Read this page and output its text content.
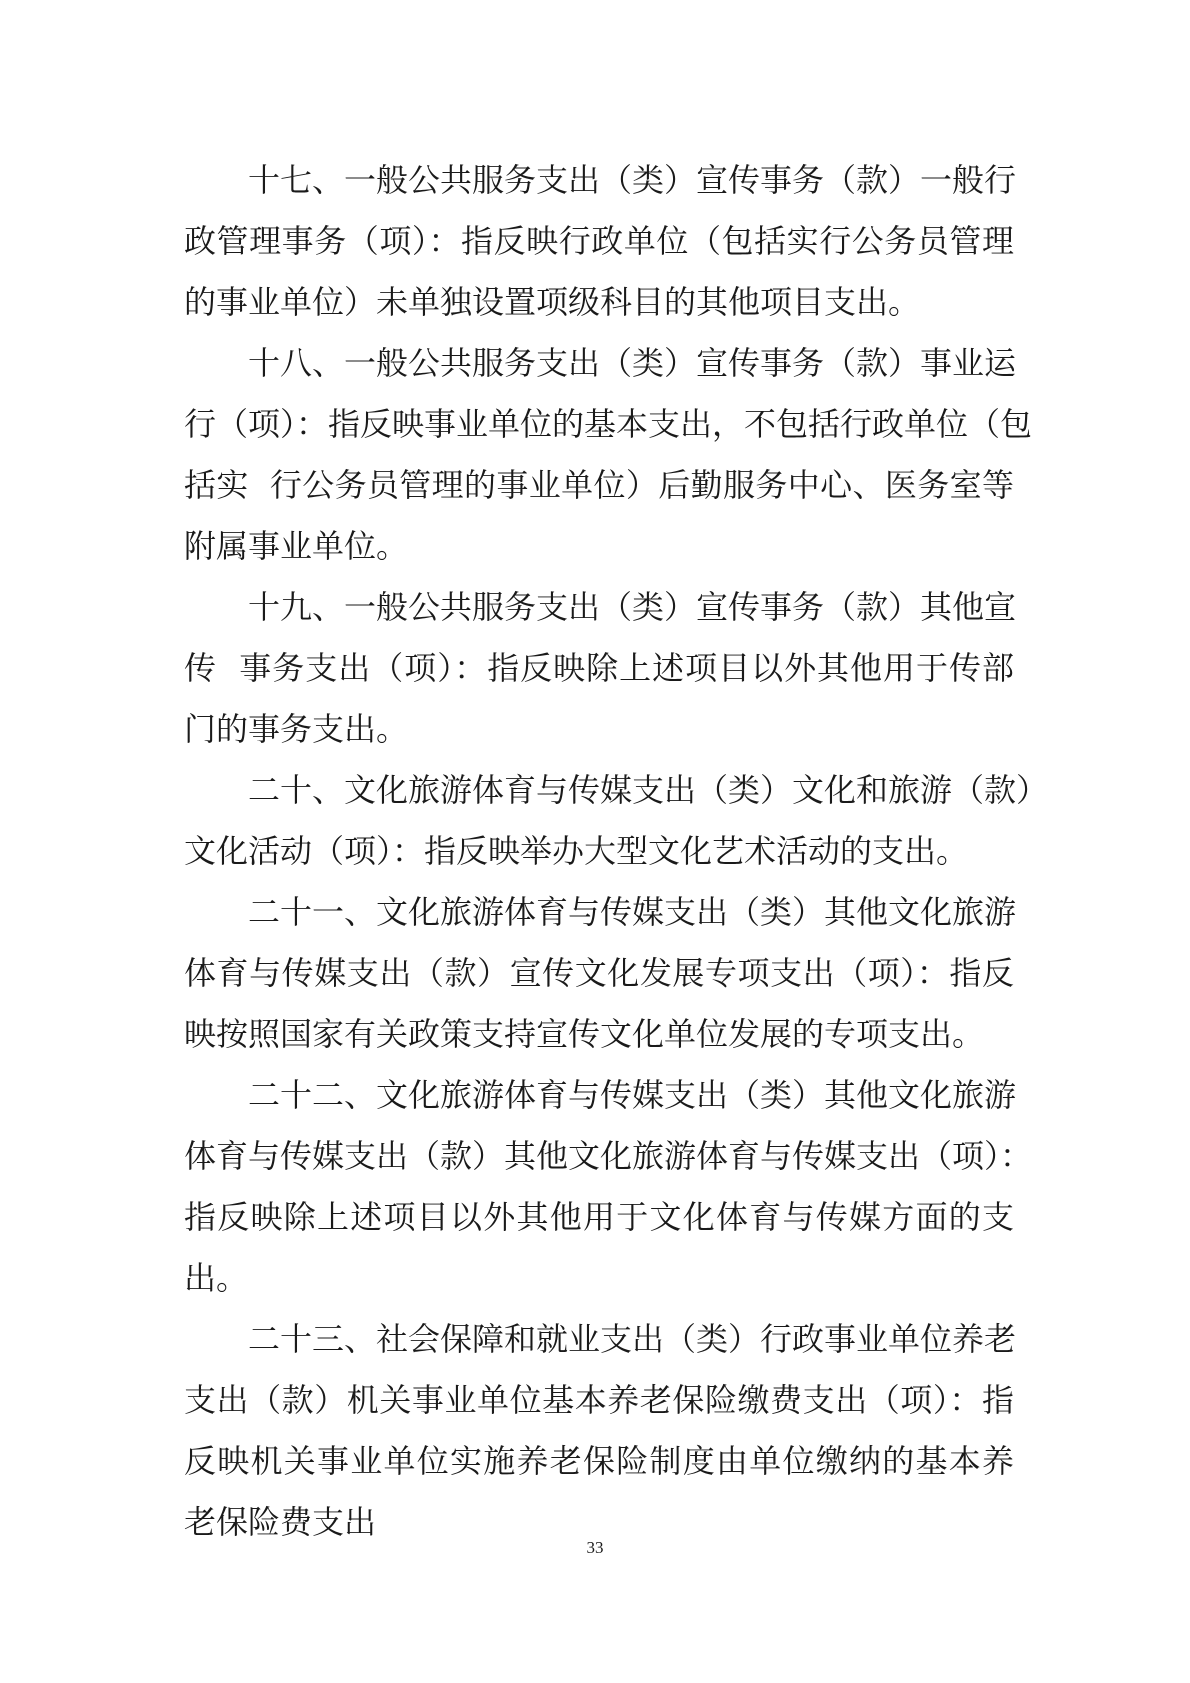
　　十七、一般公共服务支出（类）宣传事务（款）一般行
政管理事务（项）：指反映行政单位（包括实行公务员管理
的事业单位）未单独设置项级科目的其他项目支出。
　　十八、一般公共服务支出（类）宣传事务（款）事业运
行（项）：指反映事业单位的基本支出，不包括行政单位（包
括实  行公务员管理的事业单位）后勤服务中心、医务室等
附属事业单位。
　　十九、一般公共服务支出（类）宣传事务（款）其他宣
传  事务支出（项）：指反映除上述项目以外其他用于传部
门的事务支出。
　　二十、文化旅游体育与传媒支出（类）文化和旅游（款）
文化活动（项）：指反映举办大型文化艺术活动的支出。
　　二十一、文化旅游体育与传媒支出（类）其他文化旅游
体育与传媒支出（款）宣传文化发展专项支出（项）：指反
映按照国家有关政策支持宣传文化单位发展的专项支出。
　　二十二、文化旅游体育与传媒支出（类）其他文化旅游
体育与传媒支出（款）其他文化旅游体育与传媒支出（项）：
指反映除上述项目以外其他用于文化体育与传媒方面的支
出。
　　二十三、社会保障和就业支出（类）行政事业单位养老
支出（款）机关事业单位基本养老保险缴费支出（项）：指
反映机关事业单位实施养老保险制度由单位缴纳的基本养
老保险费支出
33
